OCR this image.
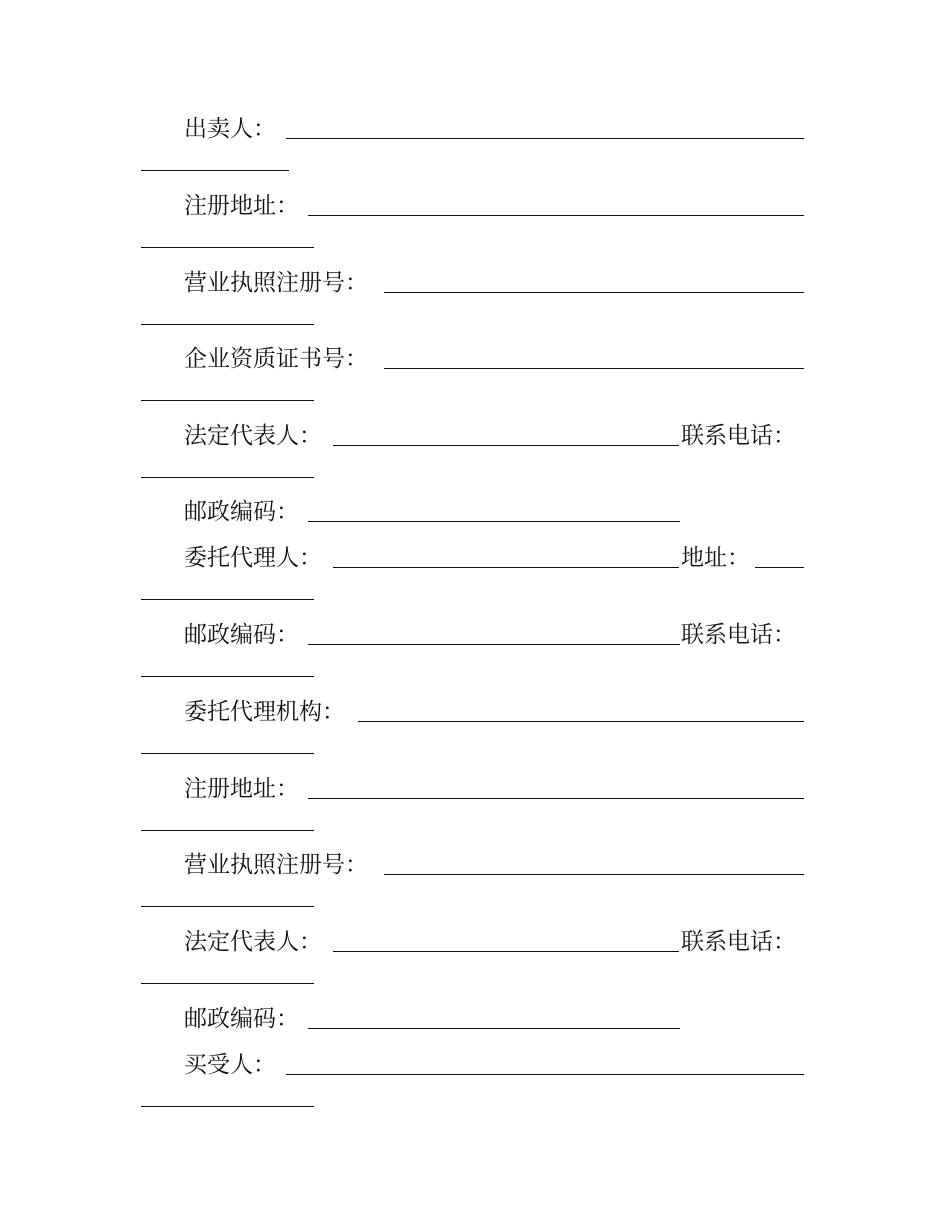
出卖人：
注册地址：
营业执照注册号：
企业资质证书号：
法定代表人：	联系电话：
邮政编码：
委托代理人：	地址：
邮政编码：	联系电话：
委托代理机构：
注册地址：
营业执照注册号：
法定代表人：	联系电话：
邮政编码：
买受人：
